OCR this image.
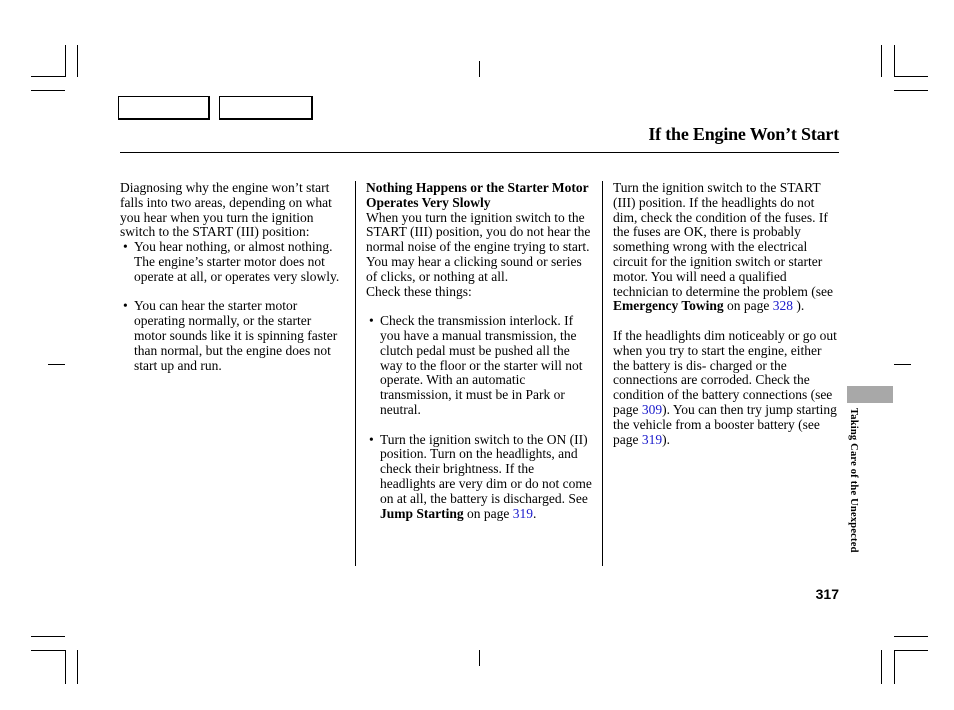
If the Engine Won’t Start

Diagnosing why the engine won’t start falls into two areas, depending on what you hear when you turn the ignition switch to the START (III) position:

• You hear nothing, or almost nothing. The engine’s starter motor does not operate at all, or operates very slowly.

• You can hear the starter motor operating normally, or the starter motor sounds like it is spinning faster than normal, but the engine does not start up and run.

Nothing Happens or the Starter Motor Operates Very Slowly

When you turn the ignition switch to the START (III) position, you do not hear the normal noise of the engine trying to start. You may hear a clicking sound or series of clicks, or nothing at all.

Check these things:

• Check the transmission interlock. If you have a manual transmission, the clutch pedal must be pushed all the way to the floor or the starter will not operate. With an automatic transmission, it must be in Park or neutral.

• Turn the ignition switch to the ON (II) position. Turn on the headlights, and check their brightness. If the headlights are very dim or do not come on at all, the battery is discharged. See Jump Starting on page 319.

Turn the ignition switch to the START (III) position. If the headlights do not dim, check the condition of the fuses. If the fuses are OK, there is probably something wrong with the electrical circuit for the ignition switch or starter motor. You will need a qualified technician to determine the problem (see Emergency Towing on page 328 ).

If the headlights dim noticeably or go out when you try to start the engine, either the battery is dis- charged or the connections are corroded. Check the condition of the battery connections (see page 309). You can then try jump starting the vehicle from a booster battery (see page 319).	Taking Care of the Unexpected
317
